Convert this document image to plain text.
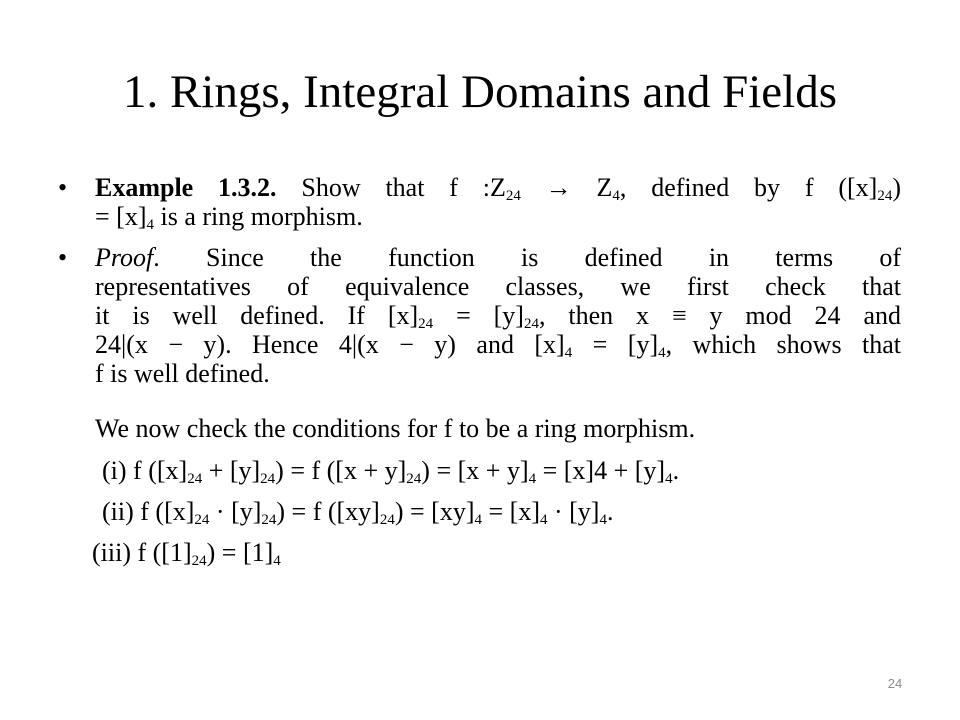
1. Rings, Integral Domains and Fields
•	Example 1.3.2. Show that f $:Z_{24} \to Z_4$, defined by f $([x]_{24})$
= $[x]_4$ is a ring morphism.
•	Proof. Since the function is defined in terms of
representatives of equivalence classes, we first check that
it is well defined. If $[x]_{24} = [y]_{24}$, then x ≡ y mod 24 and
24|(x − y). Hence 4|(x − y) and $[x]_4 = [y]_4$, which shows that
f is well defined.
We now check the conditions for f to be a ring morphism.
(i) f $([x]_{24} + [y]_{24}) = f$ $([x + y]_{24}) = [x + y]_4 = [x]4 + [y]_4$.
(ii) f $([x]_{24} \cdot [y]_{24}) = f$ $([xy]_{24}) = [xy]_4 = [x]_4 \cdot [y]_4$.
(iii) f $([1]_{24}) = [1]_4$
24
